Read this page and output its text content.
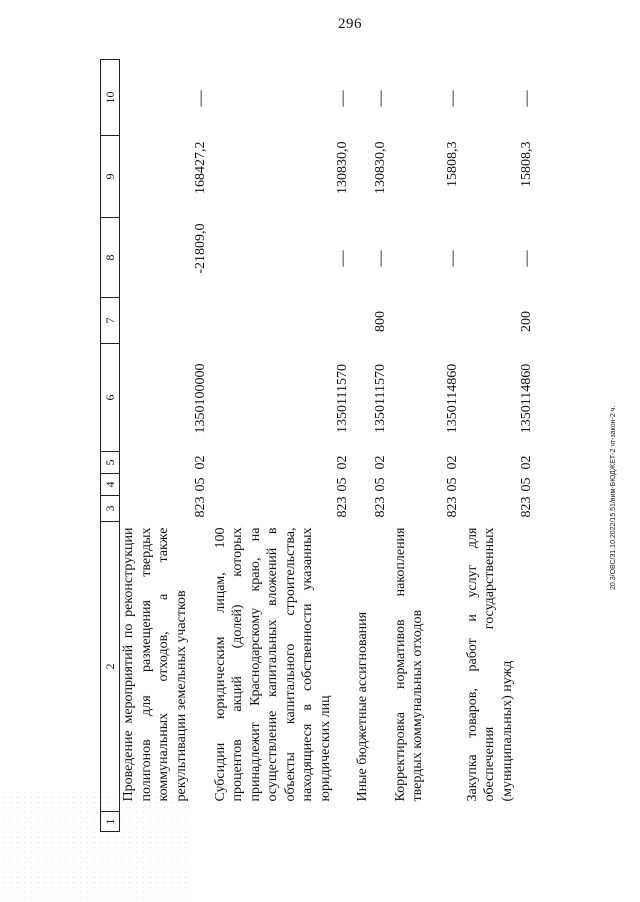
296
20.3/ОВС/31.10.2022/15.51/вим-БЮДЖЕТ-2 чт-закон-2 ч.
1	2	3	4	5	6	7	8	9	10
	Проведение мероприятий по реконструкции полигонов для размещения твердых коммунальных отходов, а также рекультивации земельных участков	823	05	02	1350100000		-21809,0	168427,2	—
	Субсидии юридическим лицам, 100 процентов акций (долей) которых принадлежит Краснодарскому краю, на осуществление капитальных вложений в объекты капитального строительства, находящиеся в собственности указанных юридических лиц	823	05	02	1350111570		—	130830,0	—
	Иные бюджетные ассигнования	823	05	02	1350111570	800	—	130830,0	—
	Корректировка нормативов накопления твердых коммунальных отходов	823	05	02	1350114860		—	15808,3	—
	Закупка товаров, работ и услуг для обеспечения государственных (муниципальных) нужд	823	05	02	1350114860	200	—	15808,3	—
